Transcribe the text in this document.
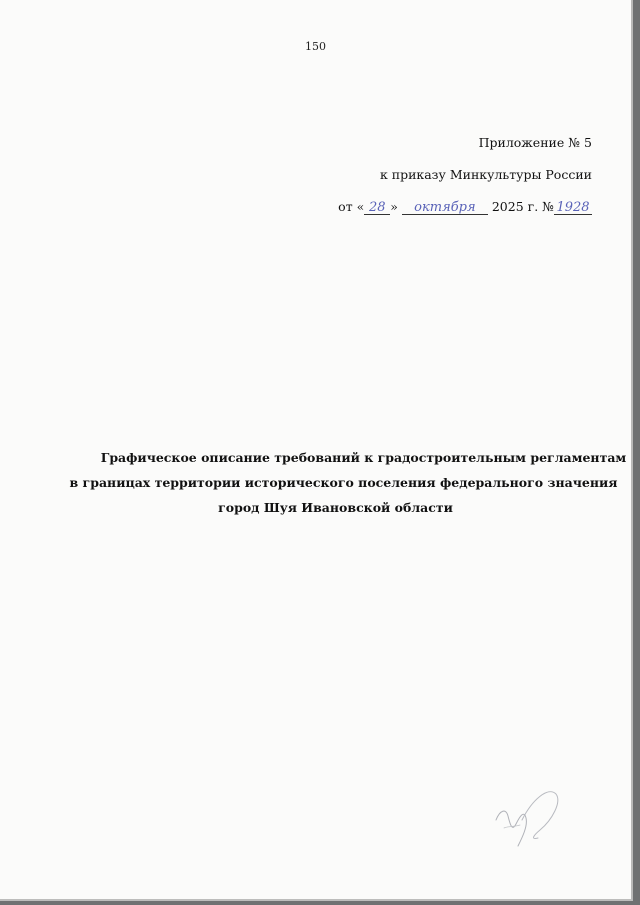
150
Приложение № 5
к приказу Минкультуры России
от « 28 » октября 2025 г. № 1928
Графическое описание требований к градостроительным регламентам
в границах территории исторического поселения федерального значения
город Шуя Ивановской области
